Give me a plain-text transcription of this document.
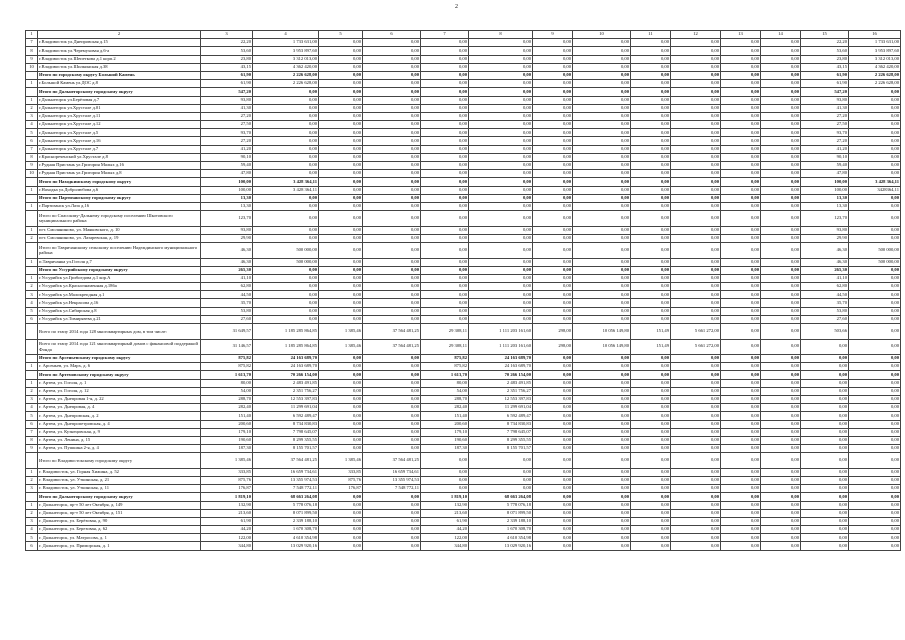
2
1	2	3	4	5	6	7	8	9	10	11	12	13	14	15	16
7	г.Владивосток ул.Днепровская д.15	22,20	1 733 631,00	0,00	0,00	0,00	0,00	0,00	0,00	0,00	0,00	0,00	0,00	22,20	1 733 631,00
8	г.Владивосток ул.Черемуховая д.6-а	53,60	3 953 897,60	0,00	0,00	0,00	0,00	0,00	0,00	0,00	0,00	0,00	0,00	53,60	3 953 897,60
9	г.Владивосток ул.Шепеткова д.1 корп.2	23,80	3 312 013,00	0,00	0,00	0,00	0,00	0,00	0,00	0,00	0,00	0,00	0,00	23,80	3 312 013,00
10	г.Владивосток ул.Шилкинская д.38	43,15	4 362 420,00	0,00	0,00	0,00	0,00	0,00	0,00	0,00	0,00	0,00	0,00	43,15	4 362 420,00
	Итого по городскому округу Большой Камень	61,90	2 226 628,00	0,00	0,00	0,00	0,00	0,00	0,00	0,00	0,00	0,00	0,00	61,90	2 226 628,00
1	г.Большой Камень ул.ДОС д.8	61,90	2 226 628,00	0,00	0,00	0,00	0,00	0,00	0,00	0,00	0,00	0,00	0,00	61,90	2 226 628,00
	Итого по Дальнегорскому городскому округу	547,20	0,00	0,00	0,00	0,00	0,00	0,00	0,00	0,00	0,00	0,00	0,00	547,20	0,00
1	г.Дальнегорск ул.Берёзовая д.7	93,80	0,00	0,00	0,00	0,00	0,00	0,00	0,00	0,00	0,00	0,00	0,00	93,80	0,00
2	г.Дальнегорск ул.Хрустале д.01	41,30	0,00	0,00	0,00	0,00	0,00	0,00	0,00	0,00	0,00	0,00	0,00	41,30	0,00
3	г.Дальнегорск ул.Хрустале д.11	27,20	0,00	0,00	0,00	0,00	0,00	0,00	0,00	0,00	0,00	0,00	0,00	27,20	0,00
4	г.Дальнегорск ул.Хрустале д.12	27,50	0,00	0,00	0,00	0,00	0,00	0,00	0,00	0,00	0,00	0,00	0,00	27,50	0,00
5	г.Дальнегорск ул.Хрустале д.5	93,70	0,00	0,00	0,00	0,00	0,00	0,00	0,00	0,00	0,00	0,00	0,00	93,70	0,00
6	г.Дальнегорск ул.Хрустале д.16	27,20	0,00	0,00	0,00	0,00	0,00	0,00	0,00	0,00	0,00	0,00	0,00	27,20	0,00
7	г.Дальнегорск ул.Хрустале д.7	41,20	0,00	0,00	0,00	0,00	0,00	0,00	0,00	0,00	0,00	0,00	0,00	41,20	0,00
8	г.Краснореченский ул.Хрустале д.8	90,10	0,00	0,00	0,00	0,00	0,00	0,00	0,00	0,00	0,00	0,00	0,00	90,10	0,00
9	г.Рудная Пристань ул.Григория Малых д.16	59,40	0,00	0,00	0,00	0,00	0,00	0,00	0,00	0,00	0,00	0,00	0,00	59,40	0,00
10	г.Рудная Пристань ул.Григория Малых д.8	47,80	0,00	0,00	0,00	0,00	0,00	0,00	0,00	0,00	0,00	0,00	0,00	47,80	0,00
	Итого по Находкинскому городскому округу	100,00	3 428 364,11	0,00	0,00	0,00	0,00	0,00	0,00	0,00	0,00	0,00	0,00	100,00	3 428 364,11
1	г.Находка ул.Добролюбова д.6	100,00	3 428 364,11	0,00	0,00	0,00	0,00	0,00	0,00	0,00	0,00	0,00	0,00	100,00	3428364,11
	Итого по Партизанскому городскому округу	13,30	0,00	0,00	0,00	0,00	0,00	0,00	0,00	0,00	0,00	0,00	0,00	13,30	0,00
1	г.Партизанск ул.Лаза д.16	13,30	0,00	0,00	0,00	0,00	0,00	0,00	0,00	0,00	0,00	0,00	0,00	13,30	0,00
	Итого по Спасскому-Дальнему городскому поселению Шкотовского муниципального района	123,70	0,00	0,00	0,00	0,00	0,00	0,00	0,00	0,00	0,00	0,00	0,00	123,70	0,00
1	пгт. Смоляниново, ул. Маяковского, д. 10	93,80	0,00	0,00	0,00	0,00	0,00	0,00	0,00	0,00	0,00	0,00	0,00	93,80	0,00
2	пгт. Смоляниново, ул. Лазаревская, д. 19	29,90	0,00	0,00	0,00	0,00	0,00	0,00	0,00	0,00	0,00	0,00	0,00	29,90	0,00
	Итого по Тавричанскому сельскому поселению Надеждинского муниципального района	46,30	500 000,00	0,00	0,00	0,00	0,00	0,00	0,00	0,00	0,00	0,00	0,00	46,30	500 000,00
1	п.Тавричанка ул.Гоголя д.7	46,30	500 000,00	0,00	0,00	0,00	0,00	0,00	0,00	0,00	0,00	0,00	0,00	46,30	500 000,00
	Итого по Уссурийскому городскому округу	265,30	0,00	0,00	0,00	0,00	0,00	0,00	0,00	0,00	0,00	0,00	0,00	265,30	0,00
1	г.Уссурийск ул.Грибоедова д.1 кор.А	41,10	0,00	0,00	0,00	0,00	0,00	0,00	0,00	0,00	0,00	0,00	0,00	41,10	0,00
2	г.Уссурийск ул.Краснознаменная д.186а	62,80	0,00	0,00	0,00	0,00	0,00	0,00	0,00	0,00	0,00	0,00	0,00	62,80	0,00
3	г.Уссурийск ул.Малокрепдная д.1	44,50	0,00	0,00	0,00	0,00	0,00	0,00	0,00	0,00	0,00	0,00	0,00	44,50	0,00
4	г.Уссурийск ул.Некрасова д.16	35,70	0,00	0,00	0,00	0,00	0,00	0,00	0,00	0,00	0,00	0,00	0,00	35,70	0,00
5	г.Уссурийск ул.Сибирская д.8	53,80	0,00	0,00	0,00	0,00	0,00	0,00	0,00	0,00	0,00	0,00	0,00	53,80	0,00
6	г.Уссурийск ул.Тимирязева д.21	27,60	0,00	0,00	0,00	0,00	0,00	0,00	0,00	0,00	0,00	0,00	0,00	27,60	0,00
	Всего по этапу 2014 года 128 многоквартирных дом, в том числе:	31 649,57	1 185 285 864,85	1 385,46	37 564 481,25	29 308,11	1 111 203 161,60	298,00	10 056 149,80	151,49	5 661 272,00	0,00	0,00	503,66	0,00
	Всего по этапу 2014 года 121 многоквартирный домов с финансовой поддержкой Фонда	31 146,57	1 185 285 864,85	1 385,46	37 564 481,25	29 308,11	1 111 203 161,60	298,00	10 056 149,80	151,49	5 661 272,00	0,00	0,00	0,00	0,00
	Итого по Арсеньевскому городскому округу	875,82	24 163 689,70	0,00	0,00	875,82	24 163 689,70	0,00	0,00	0,00	0,00	0,00	0,00	0,00	0,00
1	г. Арсеньев, ул. Марх, д. 6	875,82	24 163 689,70	0,00	0,00	875,82	24 163 689,70	0,00	0,00	0,00	0,00	0,00	0,00	0,00	0,00
	Итого по Артемовскому городскому округу	1 613,70	70 266 154,00	0,00	0,00	1 613,70	70 266 154,00	0,00	0,00	0,00	0,00	0,00	0,00	0,00	0,00
1	г. Артем, ул. Гоголя, д. 1	80,00	2 483 491,85	0,00	0,00	80,00	2 483 491,85	0,00	0,00	0,00	0,00	0,00	0,00	0,00	0,00
2	г. Артем, ул. Гоголя, д. 12	54,00	2 351 756,27	0,00	0,00	54,00	2 351 756,27	0,00	0,00	0,00	0,00	0,00	0,00	0,00	0,00
3	г. Артем, ул. Днепровая 1-я, д. 22	288,70	12 553 397,83	0,00	0,00	288,70	12 553 397,83	0,00	0,00	0,00	0,00	0,00	0,00	0,00	0,00
4	г. Артем, ул. Днепровая, д. 4	282,40	11 299 691,04	0,00	0,00	282,40	11 299 691,04	0,00	0,00	0,00	0,00	0,00	0,00	0,00	0,00
5	г. Артем, ул. Днепровская, д. 2	151,40	6 592 489,47	0,00	0,00	151,40	6 592 489,47	0,00	0,00	0,00	0,00	0,00	0,00	0,00	0,00
6	г. Артем, ул. Днепропетровская, д. 4	200,60	8 734 830,83	0,00	0,00	200,60	8 734 830,83	0,00	0,00	0,00	0,00	0,00	0,00	0,00	0,00
7	г. Артем, ул. Кузнецовская, д. 9	179,10	7 798 645,07	0,00	0,00	179,10	7 798 645,07	0,00	0,00	0,00	0,00	0,00	0,00	0,00	0,00
8	г. Артем, ул. Ленина, д. 15	190,60	8 299 355,55	0,00	0,00	190,60	8 299 355,55	0,00	0,00	0,00	0,00	0,00	0,00	0,00	0,00
9	г. Артем, ул. Пушкина 2-я, д. 4	187,30	8 155 701,57	0,00	0,00	187,30	8 155 701,57	0,00	0,00	0,00	0,00	0,00	0,00	0,00	0,00
	Итого по Владивостокскому городскому округу	1 385,46	37 564 481,25	1 385,46	37 564 481,25	0,00	0,00	0,00	0,00	0,00	0,00	0,00	0,00	0,00	0,00
1	г. Владивосток, ул. Горная Хижина, д. 52	333,85	16 659 734,61	333,85	16 659 734,61	0,00	0,00	0,00	0,00	0,00	0,00	0,00	0,00	0,00	0,00
2	г. Владивосток, ул. Уткинская, д. 21	875,76	13 355 974,53	875,76	13 355 974,53	0,00	0,00	0,00	0,00	0,00	0,00	0,00	0,00	0,00	0,00
3	г. Владивосток, ул. Уткинская, д. 11	176,87	7 548 772,11	176,87	7 548 772,11	0,00	0,00	0,00	0,00	0,00	0,00	0,00	0,00	0,00	0,00
	Итого по Дальнегорскому городскому округу	1 819,10	68 663 264,08	0,00	0,00	1 819,10	68 663 264,08	0,00	0,00	0,00	0,00	0,00	0,00	0,00	0,00
1	г. Дальнегорск, пр-т 50 лет Октября, д. 149	132,90	5 778 076,18	0,00	0,00	132,90	5 778 076,18	0,00	0,00	0,00	0,00	0,00	0,00	0,00	0,00
2	г. Дальнегорск, пр-т 50 лет Октября, д. 151	213,60	8 071 899,50	0,00	0,00	213,60	8 071 899,50	0,00	0,00	0,00	0,00	0,00	0,00	0,00	0,00
3	г. Дальнегорск, ул. Берёзовая, д. 90	61,90	2 339 188,10	0,00	0,00	61,90	2 339 188,10	0,00	0,00	0,00	0,00	0,00	0,00	0,00	0,00
4	г. Дальнегорск, ул. Березовая, д. 62	44,20	1 670 308,70	0,00	0,00	44,20	1 670 308,70	0,00	0,00	0,00	0,00	0,00	0,00	0,00	0,00
5	г. Дальнегорск, ул. Матросова, д. 1	122,00	4 610 354,98	0,00	0,00	122,00	4 610 354,98	0,00	0,00	0,00	0,00	0,00	0,00	0,00	0,00
6	г. Дальнегорск, ул. Приморская, д. 1	344,80	13 029 920,16	0,00	0,00	344,80	13 029 920,16	0,00	0,00	0,00	0,00	0,00	0,00	0,00	0,00
